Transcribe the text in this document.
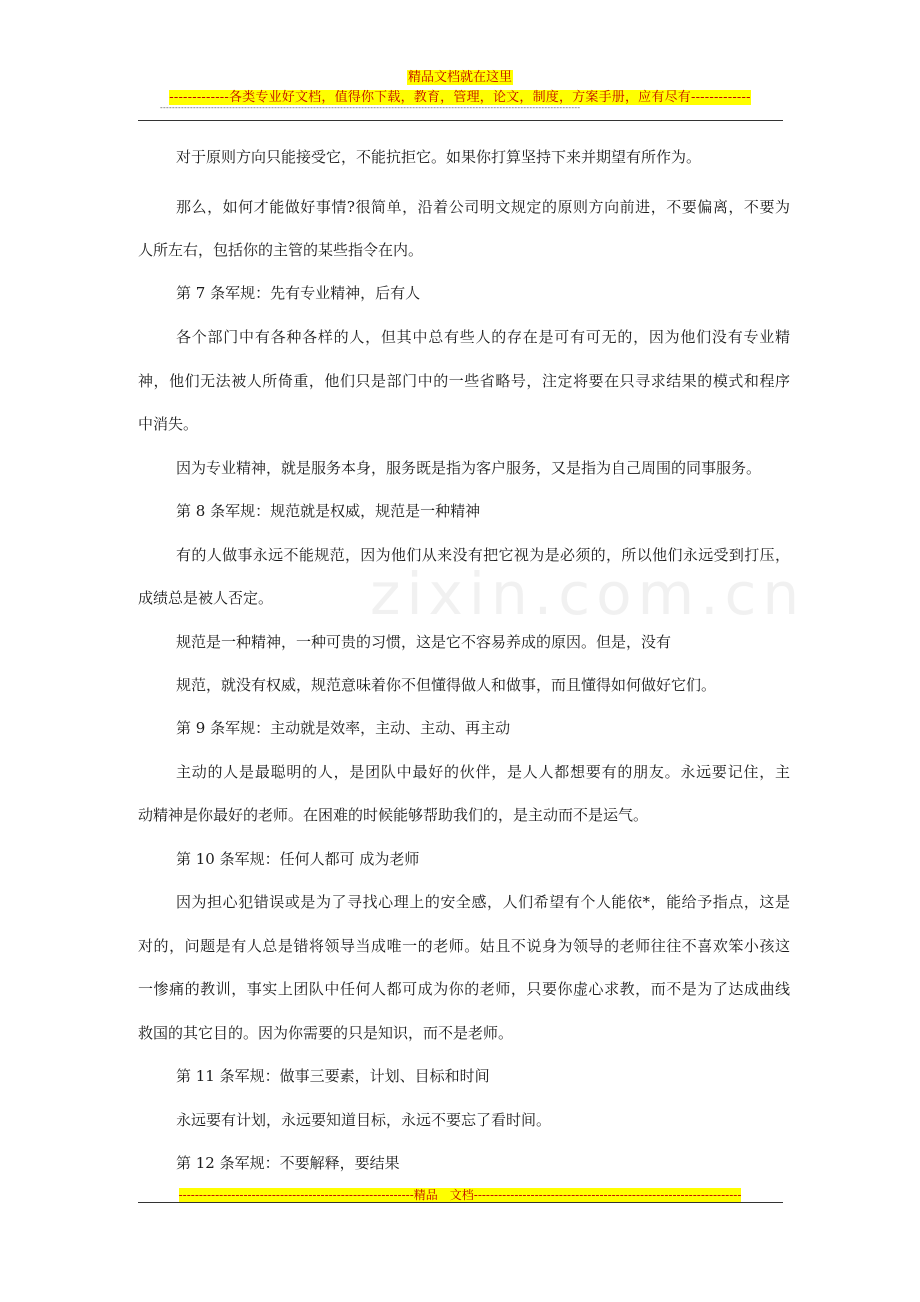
精品文档就在这里
-------------各类专业好文档，值得你下载，教育，管理，论文，制度，方案手册，应有尽有-------------
--------------------------------------------------------------------------------------------------------------------------------------------
zixin.com.cn
对于原则方向只能接受它，不能抗拒它。如果你打算坚持下来并期望有所作为。
那么，如何才能做好事情?很简单，沿着公司明文规定的原则方向前进，不要偏离，不要为
人所左右，包括你的主管的某些指令在内。
第 7 条军规：先有专业精神，后有人
各个部门中有各种各样的人，但其中总有些人的存在是可有可无的，因为他们没有专业精
神，他们无法被人所倚重，他们只是部门中的一些省略号，注定将要在只寻求结果的模式和程序
中消失。
因为专业精神，就是服务本身，服务既是指为客户服务，又是指为自己周围的同事服务。
第 8 条军规：规范就是权威，规范是一种精神
有的人做事永远不能规范，因为他们从来没有把它视为是必须的，所以他们永远受到打压，
成绩总是被人否定。
规范是一种精神，一种可贵的习惯，这是它不容易养成的原因。但是，没有
规范，就没有权威，规范意味着你不但懂得做人和做事，而且懂得如何做好它们。
第 9 条军规：主动就是效率，主动、主动、再主动
主动的人是最聪明的人，是团队中最好的伙伴，是人人都想要有的朋友。永远要记住，主
动精神是你最好的老师。在困难的时候能够帮助我们的，是主动而不是运气。
第 10 条军规：任何人都可 成为老师
因为担心犯错误或是为了寻找心理上的安全感，人们希望有个人能依*，能给予指点，这是
对的，问题是有人总是错将领导当成唯一的老师。姑且不说身为领导的老师往往不喜欢笨小孩这
一惨痛的教训，事实上团队中任何人都可成为你的老师，只要你虚心求教，而不是为了达成曲线
救国的其它目的。因为你需要的只是知识，而不是老师。
第 11 条军规：做事三要素，计划、目标和时间
永远要有计划，永远要知道目标，永远不要忘了看时间。
第 12 条军规：不要解释，要结果
----------------------------------------------------------精品　文档------------------------------------------------------------------
